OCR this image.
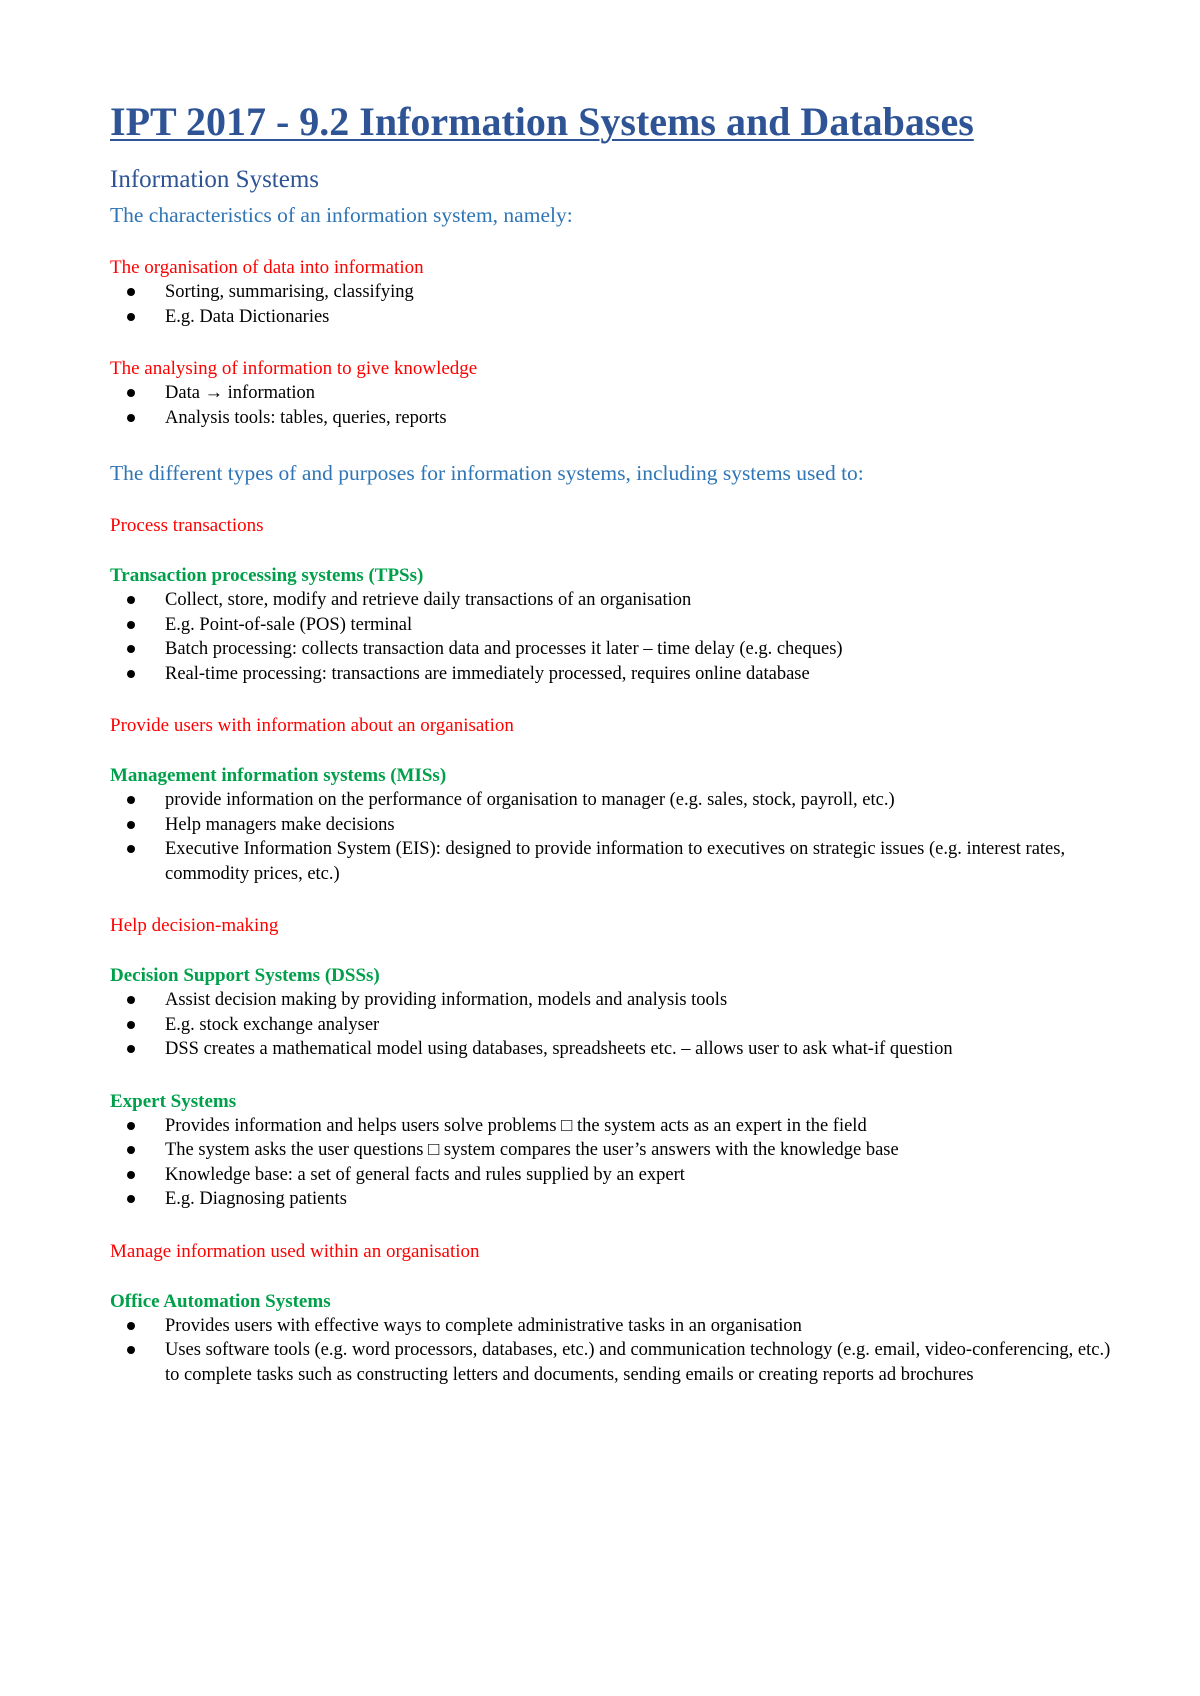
IPT 2017 - 9.2 Information Systems and Databases
Information Systems
The characteristics of an information system, namely:
The organisation of data into information
Sorting, summarising, classifying
E.g. Data Dictionaries
The analysing of information to give knowledge
Data → information
Analysis tools: tables, queries, reports
The different types of and purposes for information systems, including systems used to:
Process transactions
Transaction processing systems (TPSs)
Collect, store, modify and retrieve daily transactions of an organisation
E.g. Point-of-sale (POS) terminal
Batch processing: collects transaction data and processes it later – time delay (e.g. cheques)
Real-time processing: transactions are immediately processed, requires online database
Provide users with information about an organisation
Management information systems (MISs)
provide information on the performance of organisation to manager (e.g. sales, stock, payroll, etc.)
Help managers make decisions
Executive Information System (EIS): designed to provide information to executives on strategic issues (e.g. interest rates, commodity prices, etc.)
Help decision-making
Decision Support Systems (DSSs)
Assist decision making by providing information, models and analysis tools
E.g. stock exchange analyser
DSS creates a mathematical model using databases, spreadsheets etc. – allows user to ask what-if question
Expert Systems
Provides information and helps users solve problems □ the system acts as an expert in the field
The system asks the user questions □ system compares the user’s answers with the knowledge base
Knowledge base: a set of general facts and rules supplied by an expert
E.g. Diagnosing patients
Manage information used within an organisation
Office Automation Systems
Provides users with effective ways to complete administrative tasks in an organisation
Uses software tools (e.g. word processors, databases, etc.) and communication technology (e.g. email, video-conferencing, etc.) to complete tasks such as constructing letters and documents, sending emails or creating reports ad brochures
